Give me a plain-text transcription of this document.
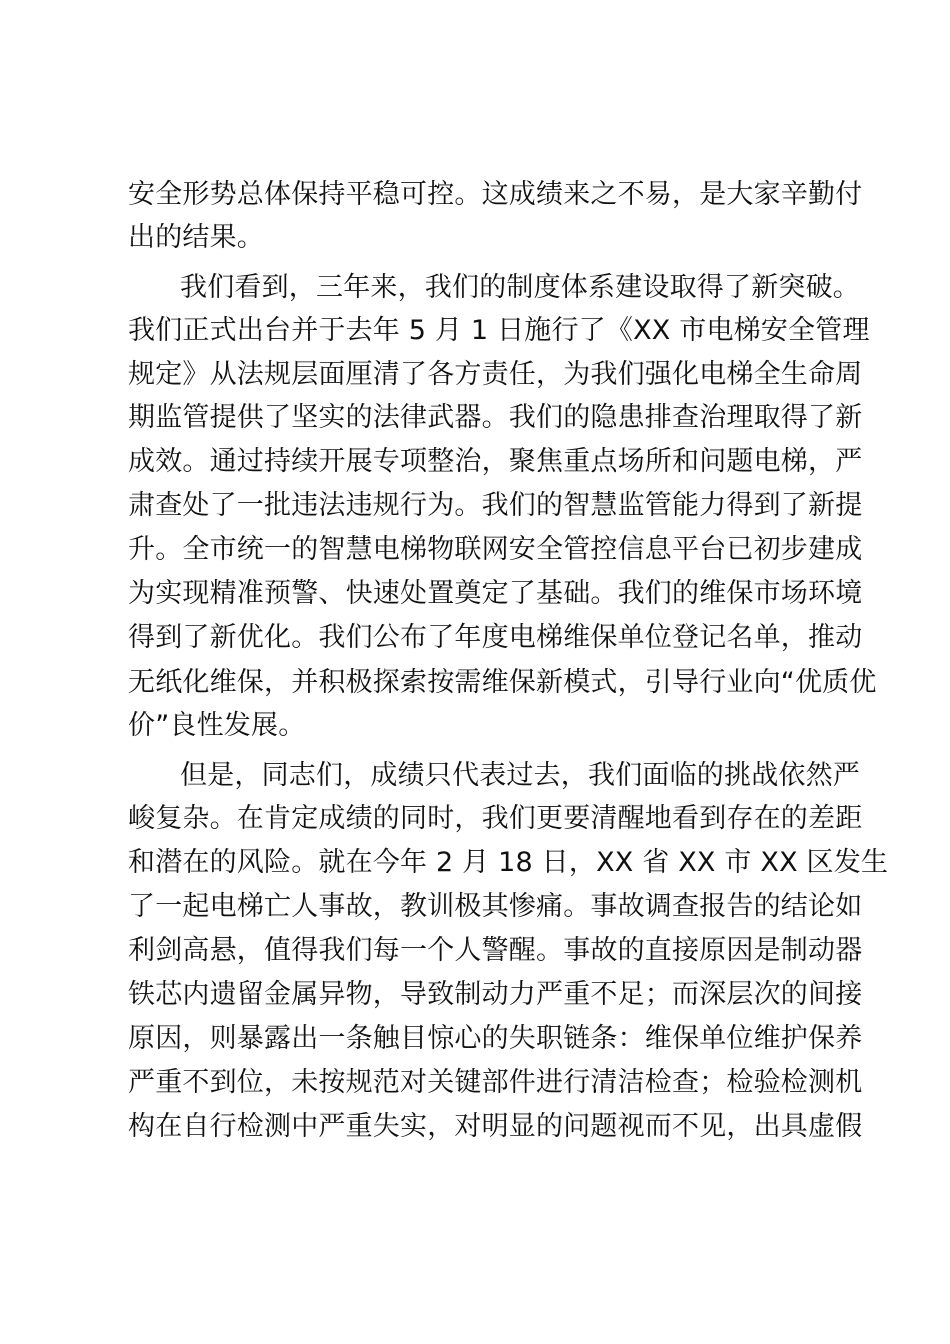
安全形势总体保持平稳可控。这成绩来之不易，是大家辛勤付
出的结果。
我们看到，三年来，我们的制度体系建设取得了新突破。
我们正式出台并于去年 5 月 1 日施行了《XX 市电梯安全管理
规定》从法规层面厘清了各方责任，为我们强化电梯全生命周
期监管提供了坚实的法律武器。我们的隐患排查治理取得了新
成效。通过持续开展专项整治，聚焦重点场所和问题电梯，严
肃查处了一批违法违规行为。我们的智慧监管能力得到了新提
升。全市统一的智慧电梯物联网安全管控信息平台已初步建成
为实现精准预警、快速处置奠定了基础。我们的维保市场环境
得到了新优化。我们公布了年度电梯维保单位登记名单，推动
无纸化维保，并积极探索按需维保新模式，引导行业向“优质优
价”良性发展。
但是，同志们，成绩只代表过去，我们面临的挑战依然严
峻复杂。在肯定成绩的同时，我们更要清醒地看到存在的差距
和潜在的风险。就在今年 2 月 18 日，XX 省 XX 市 XX 区发生
了一起电梯亡人事故，教训极其惨痛。事故调查报告的结论如
利剑高悬，值得我们每一个人警醒。事故的直接原因是制动器
铁芯内遗留金属异物，导致制动力严重不足；而深层次的间接
原因，则暴露出一条触目惊心的失职链条：维保单位维护保养
严重不到位，未按规范对关键部件进行清洁检查；检验检测机
构在自行检测中严重失实，对明显的问题视而不见，出具虚假
